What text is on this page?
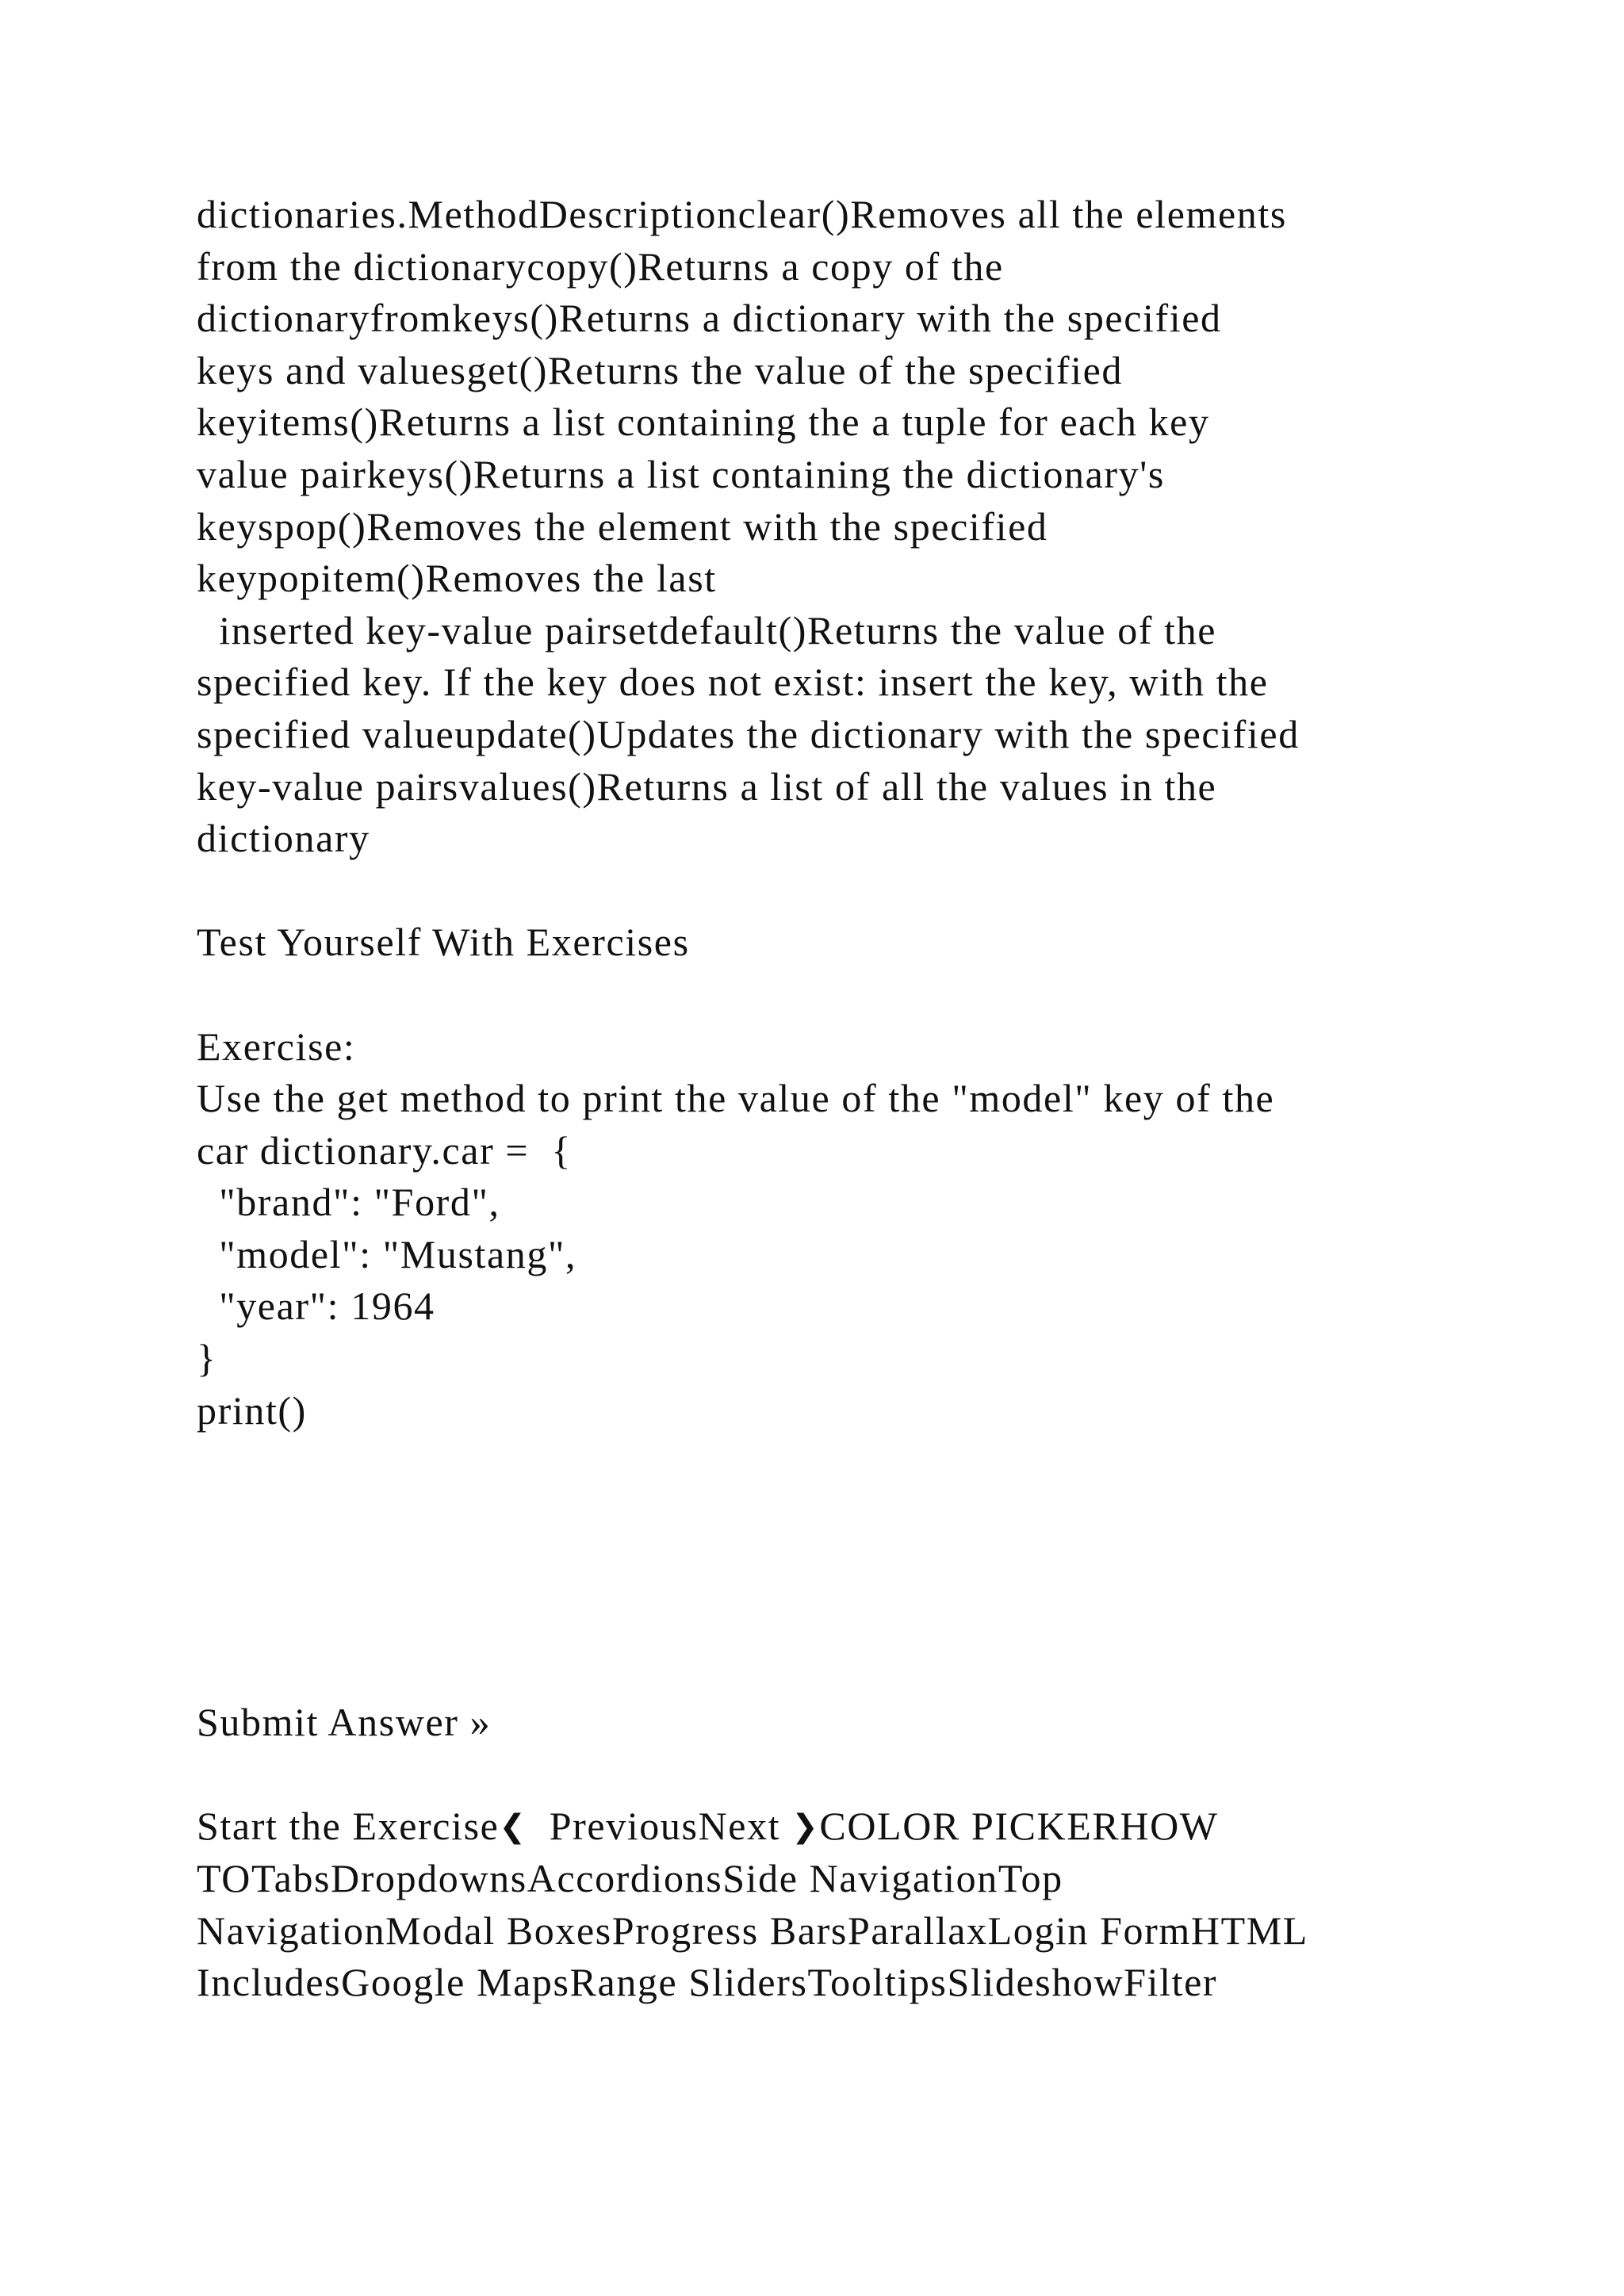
dictionaries.MethodDescriptionclear()Removes all the elements
from the dictionarycopy()Returns a copy of the
dictionaryfromkeys()Returns a dictionary with the specified
keys and valuesget()Returns the value of the specified
keyitems()Returns a list containing the a tuple for each key
value pairkeys()Returns a list containing the dictionary's
keyspop()Removes the element with the specified
keypopitem()Removes the last
inserted key-value pairsetdefault()Returns the value of the
specified key. If the key does not exist: insert the key, with the
specified valueupdate()Updates the dictionary with the specified
key-value pairsvalues()Returns a list of all the values in the
dictionary
Test Yourself With Exercises
Exercise:
Use the get method to print the value of the "model" key of the
car dictionary.car =  {
"brand": "Ford",
"model": "Mustang",
"year": 1964
}
print()
Submit Answer »
Start the Exercise❮  PreviousNext ❯COLOR PICKERHOW
TOTabsDropdownsAccordionsSide NavigationTop
NavigationModal BoxesProgress BarsParallaxLogin FormHTML
IncludesGoogle MapsRange SlidersTooltipsSlideshowFilter
